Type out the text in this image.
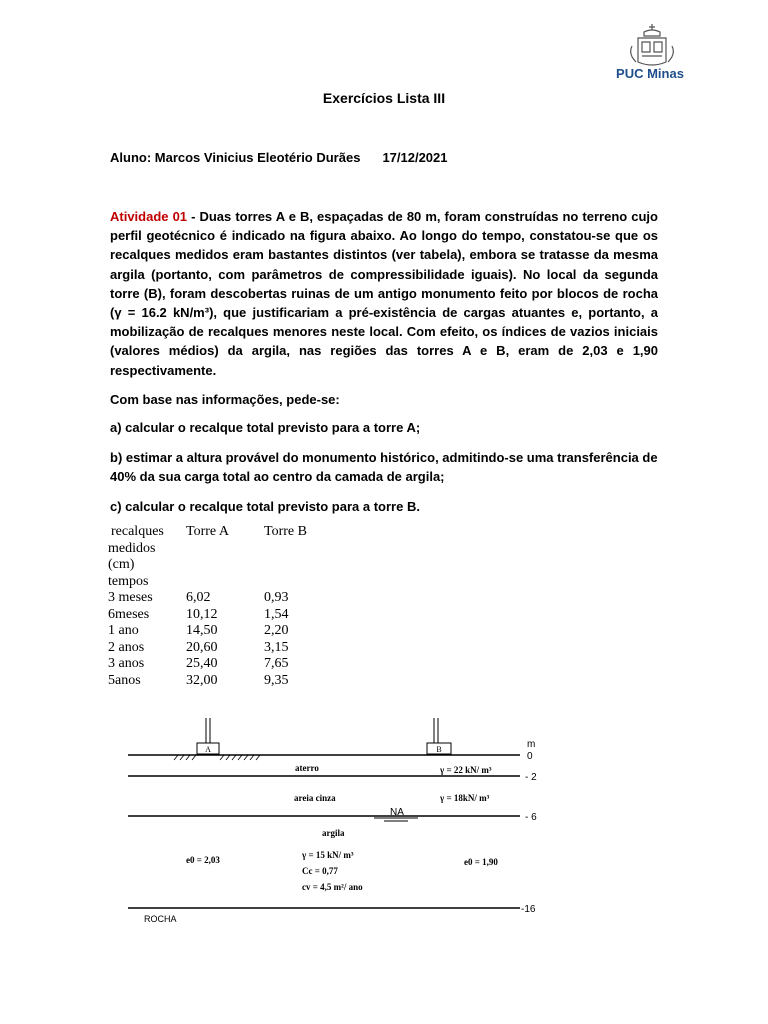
PUC Minas
Exercícios Lista III
Aluno: Marcos Vinicius Eleotério Durães 17/12/2021
Atividade 01 - Duas torres A e B, espaçadas de 80 m, foram construídas no terreno cujo perfil geotécnico é indicado na figura abaixo. Ao longo do tempo, constatou-se que os recalques medidos eram bastantes distintos (ver tabela), embora se tratasse da mesma argila (portanto, com parâmetros de compressibilidade iguais). No local da segunda torre (B), foram descobertas ruinas de um antigo monumento feito por blocos de rocha (γ = 16.2 kN/m³), que justificariam a pré-existência de cargas atuantes e, portanto, a mobilização de recalques menores neste local. Com efeito, os índices de vazios iniciais (valores médios) da argila, nas regiões das torres A e B, eram de 2,03 e 1,90 respectivamente.
Com base nas informações, pede-se:
a) calcular o recalque total previsto para a torre A;
b) estimar a altura provável do monumento histórico, admitindo-se uma transferência de 40% da sua carga total ao centro da camada de argila;
c) calcular o recalque total previsto para a torre B.
recalques
medidos
(cm)
tempos	Torre A	Torre B
3 meses	6,02	0,93
6meses	10,12	1,54
1 ano	14,50	2,20
2 anos	20,60	3,15
3 anos	25,40	7,65
5anos	32,00	9,35
A	B	m
0
- 2
aterro	γ = 22 kN/ m³
- 6
areia cinza	γ = 18kN/ m³
NA
argila
γ = 15 kN/ m³
Cc = 0,77
cv = 4,5 m²/ ano
e0 = 2,03	e0 = 1,90
-16
ROCHA
